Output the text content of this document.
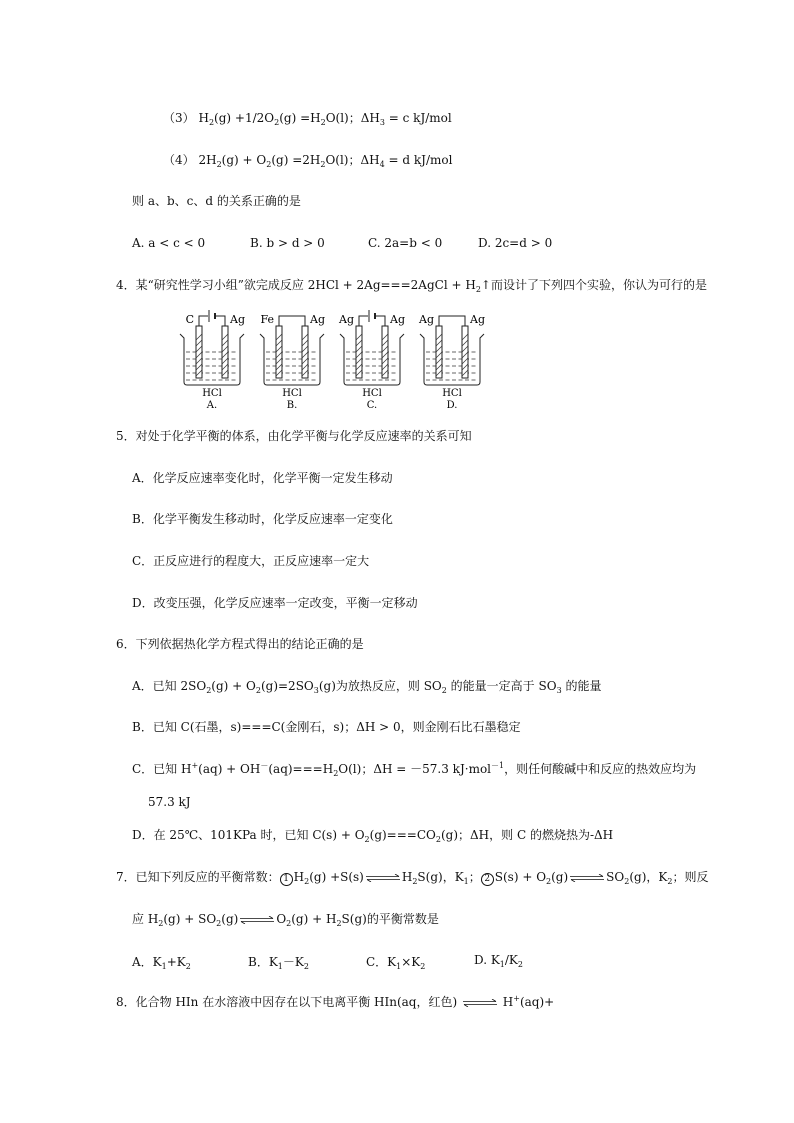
（3） $H_2(g) +1/2O_2(g) =H_2O(l)$；$\Delta H_3 = c$ kJ/mol
（4） $2H_2(g) + O_2(g) =2H_2O(l)$；$\Delta H_4 = d$ kJ/mol
则 a、b、c、d 的关系正确的是
A. a < c < 0	B. b > d > 0	C. 2a=b < 0	D. 2c=d > 0
4．某“研究性学习小组”欲完成反应 2HCl + 2Ag===2AgCl + $H_2↑$而设计了下列四个实验，你认为可行的是
C	Ag
HCl
A.
Fe	Ag
HCl
B.
Ag	Ag
HCl
C.
Ag	Ag
HCl
D.
5．对处于化学平衡的体系，由化学平衡与化学反应速率的关系可知
A．化学反应速率变化时，化学平衡一定发生移动
B．化学平衡发生移动时，化学反应速率一定变化
C．正反应进行的程度大，正反应速率一定大
D．改变压强，化学反应速率一定改变，平衡一定移动
6．下列依据热化学方程式得出的结论正确的是
A．已知 $2SO_2(g) + O_2(g)=2SO_3(g)$为放热反应，则 $SO_2$ 的能量一定高于 $SO_3$ 的能量
B．已知 C(石墨，s)===C(金刚石，s)；ΔH > 0，则金刚石比石墨稳定
C．已知 $H^+(aq) + OH^-(aq)===H_2O(l)$；ΔH = －57.3 kJ·mol$^{-1}$，则任何酸碱中和反应的热效应均为
57.3 kJ
D．在 25℃、101KPa 时，已知 $C(s) + O_2(g)===CO_2(g)$；ΔH，则 C 的燃烧热为-ΔH
7．已知下列反应的平衡常数： 1 $H_2(g)$ $+S(s)\rightleftharpoons H_2S(g)$，$K_1$； 2 $S(s) + O_2(g)\rightleftharpoons SO_2(g)$，$K_2$；则反
应 $H_2(g)$ + $SO_2(g)\rightleftharpoons O_2(g) + H_2S(g)$的平衡常数是
A．$K_1+K_2$	B．$K_1-K_2$	C．$K_1\times K_2$	D. $K_1/K_2$
8．化合物 HIn 在水溶液中因存在以下电离平衡 HIn(aq，红色) ⇌ H+(aq)+
